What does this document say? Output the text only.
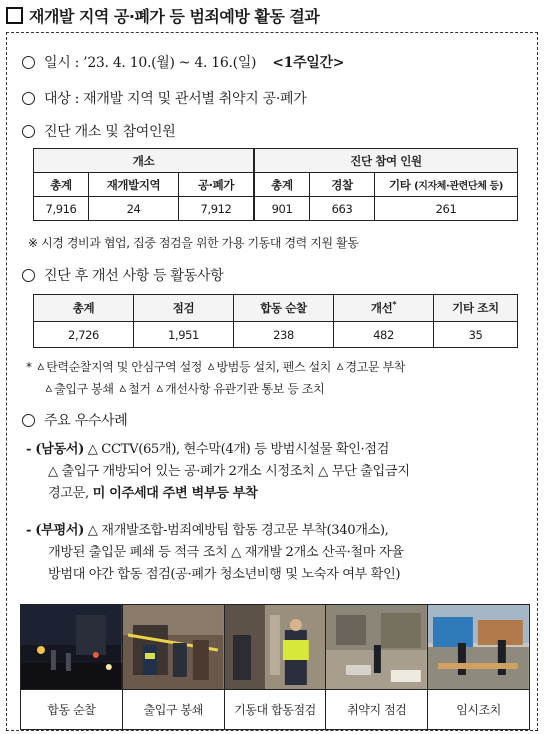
재개발 지역 공·폐가 등 범죄예방 활동 결과
일시 : ’23. 4. 10.(월) ~ 4. 16.(일) <1주일간>
대상 : 재개발 지역 및 관서별 취약지 공·폐가
진단 개소 및 참여인원
개소			진단 참여 인원		
총계	재개발지역	공·폐가	총계	경찰	기타 (지자체·관련단체 등)
7,916	24	7,912	901	663	261
※ 시경 경비과 협업, 집중 점검을 위한 가용 기동대 경력 지원 활동
진단 후 개선 사항 등 활동사항
총계	점검	합동 순찰	개선*	기타 조치
2,726	1,951	238	482	35
* ㅿ탄력순찰지역 및 안심구역 설정 ㅿ방범등 설치, 펜스 설치 ㅿ경고문 부착
ㅿ출입구 봉쇄 ㅿ철거 ㅿ개선사항 유관기관 통보 등 조치
주요 우수사례
- (남동서) △ CCTV(65개), 현수막(4개) 등 방범시설물 확인·점검
△ 출입구 개방되어 있는 공·폐가 2개소 시정조치 △ 무단 출입금지
경고문, 미 이주세대 주변 벽부등 부착
- (부평서) △ 재개발조합-범죄예방팀 합동 경고문 부착(340개소),
개방된 출입문 폐쇄 등 적극 조치 △ 재개발 2개소 산곡·철마 자율
방범대 야간 합동 점검(공·폐가 청소년비행 및 노숙자 여부 확인)
합동 순찰	출입구 봉쇄	기동대 합동점검	취약지 점검	임시조치
